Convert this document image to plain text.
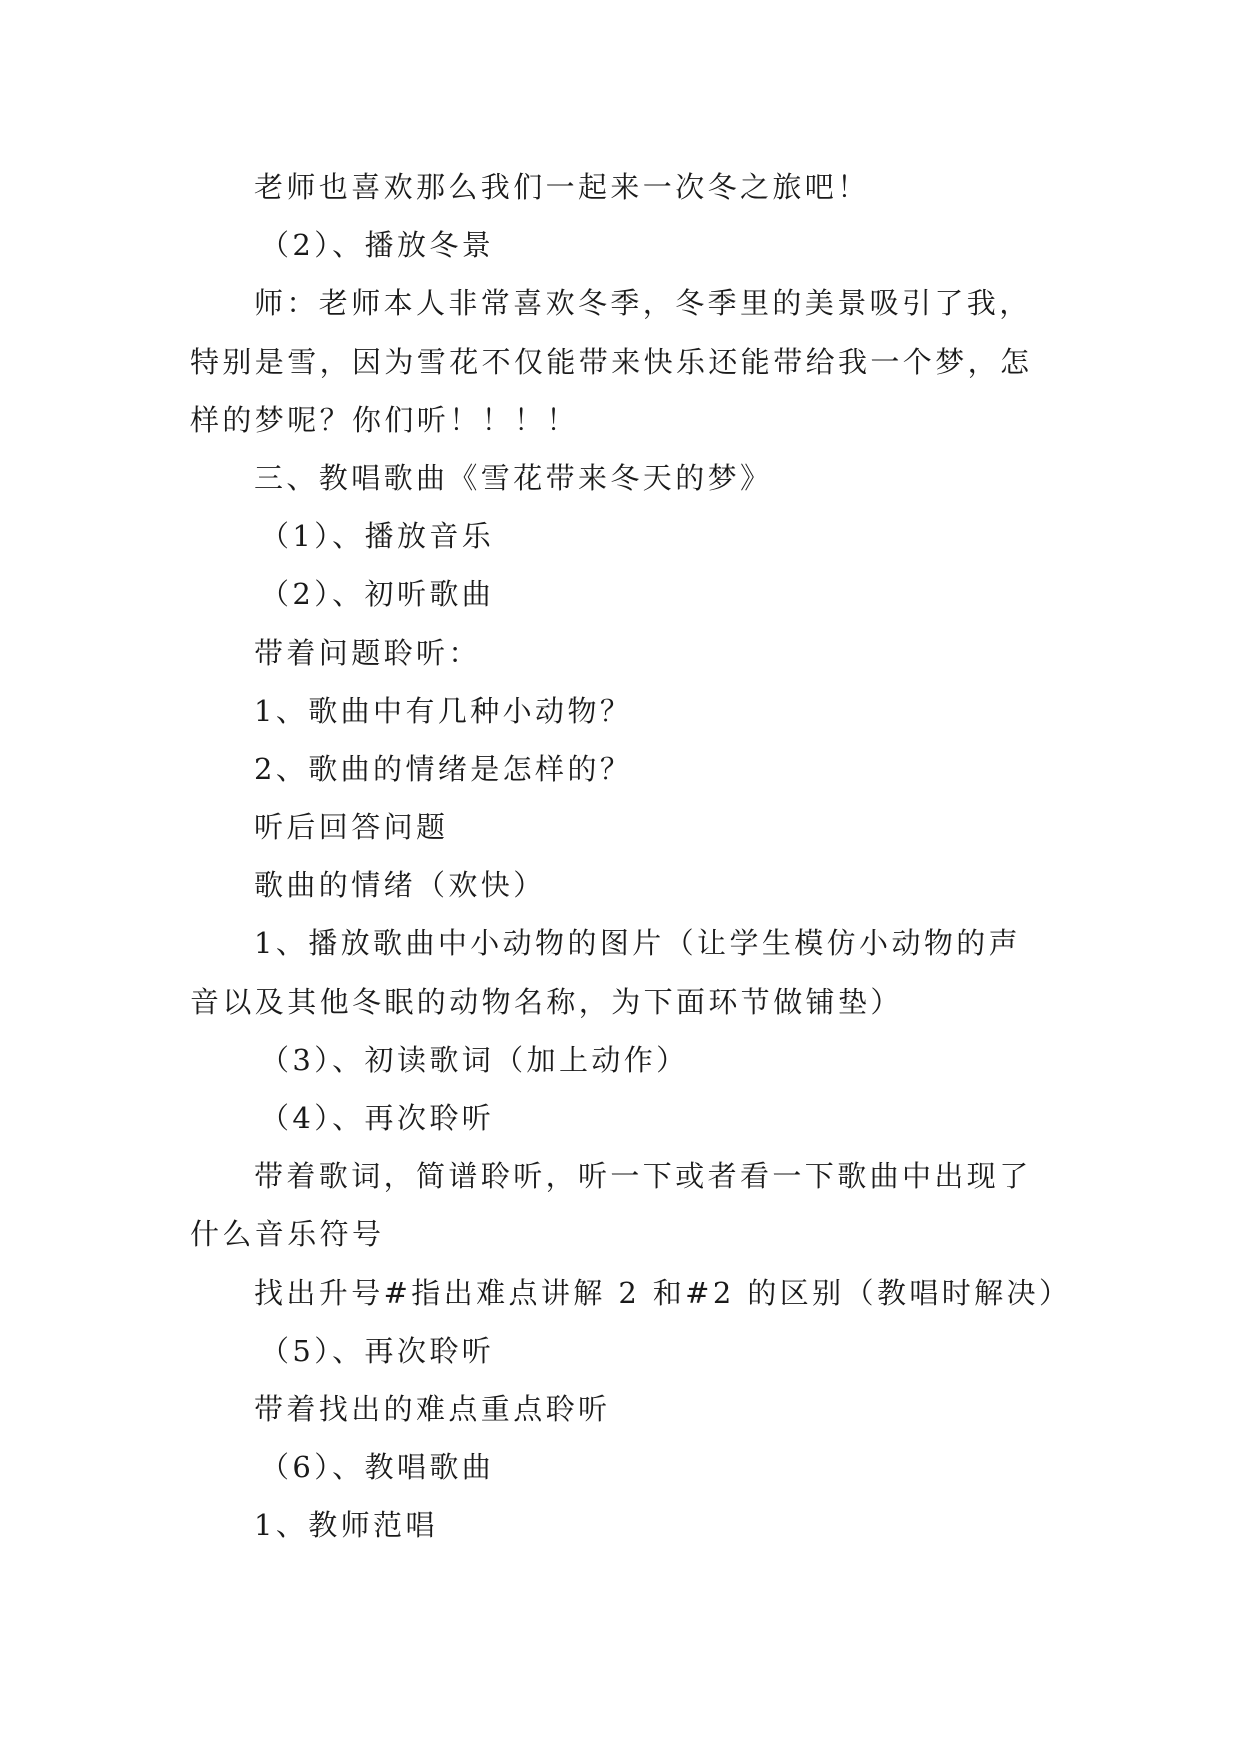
老师也喜欢那么我们一起来一次冬之旅吧！
（2）、播放冬景
师：老师本人非常喜欢冬季，冬季里的美景吸引了我，
特别是雪，因为雪花不仅能带来快乐还能带给我一个梦，怎
样的梦呢？你们听！！！！
三、教唱歌曲《雪花带来冬天的梦》
（1）、播放音乐
（2）、初听歌曲
带着问题聆听：
1、歌曲中有几种小动物？
2、歌曲的情绪是怎样的？
听后回答问题
歌曲的情绪（欢快）
1、播放歌曲中小动物的图片（让学生模仿小动物的声
音以及其他冬眠的动物名称，为下面环节做铺垫）
（3）、初读歌词（加上动作）
（4）、再次聆听
带着歌词，简谱聆听，听一下或者看一下歌曲中出现了
什么音乐符号
找出升号#指出难点讲解 2 和#2 的区别（教唱时解决）
（5）、再次聆听
带着找出的难点重点聆听
（6）、教唱歌曲
1、教师范唱
